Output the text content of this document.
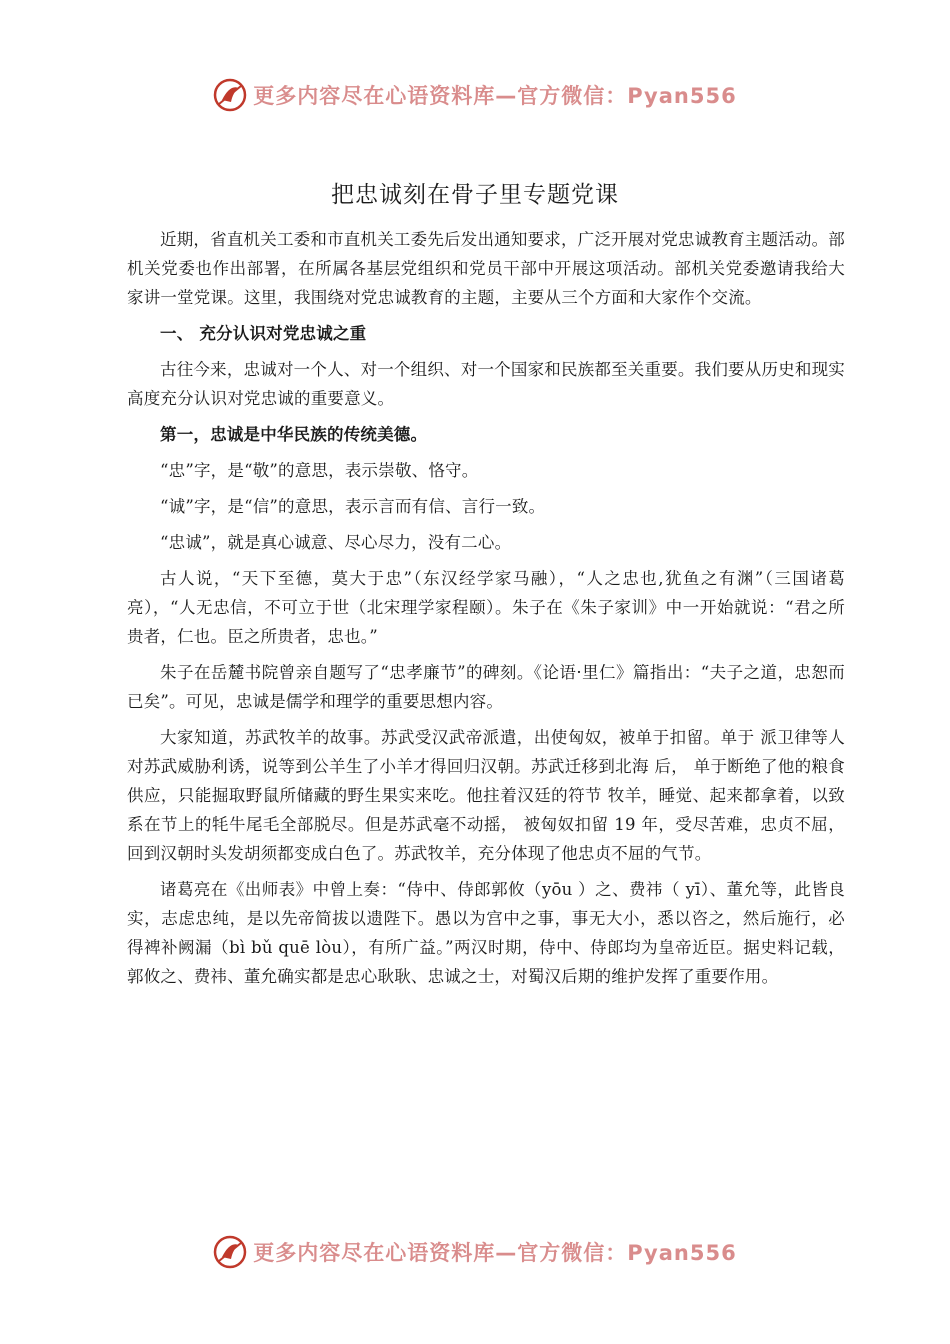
更多内容尽在心语资料库—官方微信：Pyan556
把忠诚刻在骨子里专题党课

近期，省直机关工委和市直机关工委先后发出通知要求，广泛开展对党忠诚教育主题活动。部机关党委也作出部署，在所属各基层党组织和党员干部中开展这项活动。部机关党委邀请我给大家讲一堂党课。这里，我围绕对党忠诚教育的主题，主要从三个方面和大家作个交流。

一、 充分认识对党忠诚之重

古往今来，忠诚对一个人、对一个组织、对一个国家和民族都至关重要。我们要从历史和现实高度充分认识对党忠诚的重要意义。

第一，忠诚是中华民族的传统美德。

“忠”字，是“敬”的意思，表示崇敬、恪守。

“诚”字，是“信”的意思，表示言而有信、言行一致。

“忠诚”，就是真心诚意、尽心尽力，没有二心。

古人说，“天下至德，莫大于忠”（东汉经学家马融），“人之忠也,犹鱼之有渊”（三国诸葛亮），“人无忠信，不可立于世（北宋理学家程颐）。朱子在《朱子家训》中一开始就说：“君之所贵者，仁也。臣之所贵者，忠也。”

朱子在岳麓书院曾亲自题写了“忠孝廉节”的碑刻。《论语·里仁》篇指出：“夫子之道，忠恕而已矣”。可见，忠诚是儒学和理学的重要思想内容。

大家知道，苏武牧羊的故事。苏武受汉武帝派遣，出使匈奴，被单于扣留。单于 派卫律等人对苏武威胁利诱，说等到公羊生了小羊才得回归汉朝。苏武迁移到北海 后， 单于断绝了他的粮食供应，只能掘取野鼠所储藏的野生果实来吃。他拄着汉廷的符节 牧羊，睡觉、起来都拿着，以致系在节上的牦牛尾毛全部脱尽。但是苏武毫不动摇， 被匈奴扣留 19 年，受尽苦难，忠贞不屈，回到汉朝时头发胡须都变成白色了。苏武牧羊，充分体现了他忠贞不屈的气节。

诸葛亮在《出师表》中曾上奏：“侍中、侍郎郭攸（yōu ）之、费祎（ yī）、董允等，此皆良实，志虑忠纯，是以先帝简拔以遗陛下。愚以为宫中之事，事无大小，悉以咨之，然后施行，必得裨补阙漏（bì bǔ quē lòu），有所广益。”两汉时期，侍中、侍郎均为皇帝近臣。据史料记载，郭攸之、费祎、董允确实都是忠心耿耿、忠诚之士，对蜀汉后期的维护发挥了重要作用。

更多内容尽在心语资料库—官方微信：Pyan556
